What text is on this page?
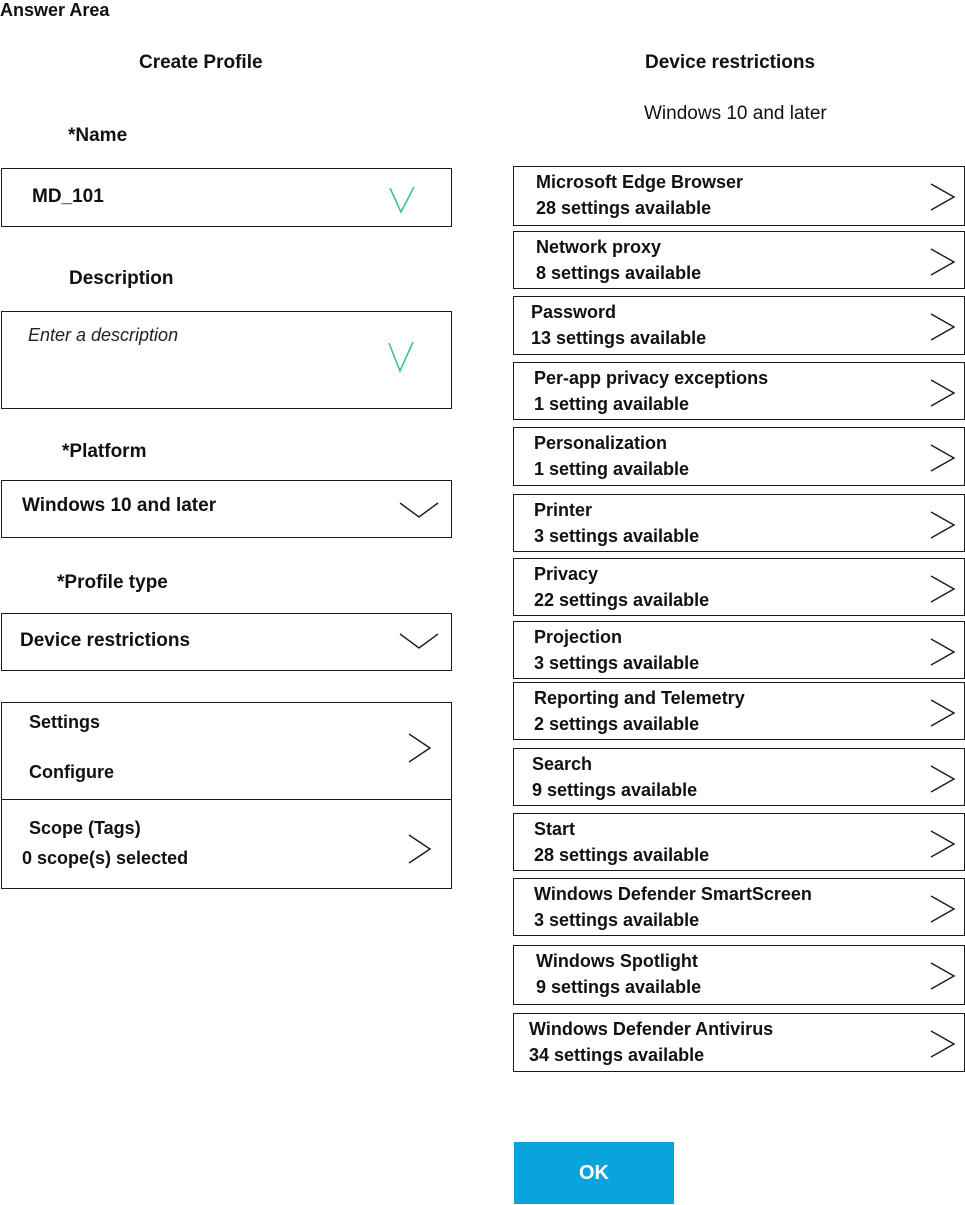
Answer Area
Create Profile
*Name
MD_101
Description
Enter a description
*Platform
Windows 10 and later
*Profile type
Device restrictions
Settings
Configure
Scope (Tags)
0 scope(s) selected
Device restrictions
Windows 10 and later
Microsoft Edge Browser
28 settings available
Network proxy
8 settings available
Password
13 settings available
Per-app privacy exceptions
1 setting available
Personalization
1 setting available
Printer
3 settings available
Privacy
22 settings available
Projection
3 settings available
Reporting and Telemetry
2 settings available
Search
9 settings available
Start
28 settings available
Windows Defender SmartScreen
3 settings available
Windows Spotlight
9 settings available
Windows Defender Antivirus
34 settings available
OK
